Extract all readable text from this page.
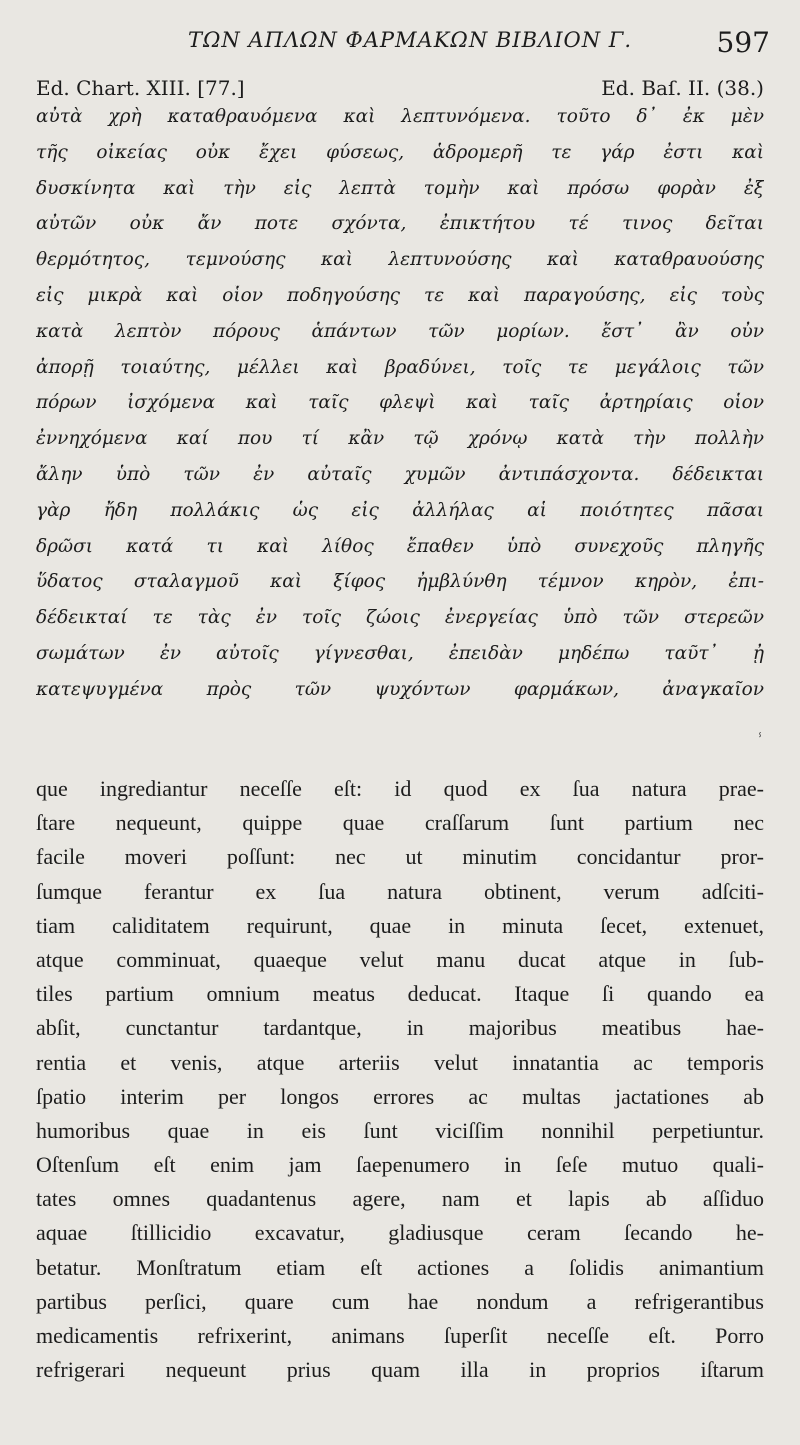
ΤΩΝ ΑΠΛΩΝ ΦΑΡΜΑΚΩΝ ΒΙΒΛΙΟΝ Γ.	597
Ed. Chart. XIII. [77.]	Ed. Baſ. II. (38.)
αὐτὰ χρὴ καταθραυόμενα καὶ λεπτυνόμενα. τοῦτο δ᾽ ἐκ μὲν
τῆς οἰκείας οὐκ ἔχει φύσεως, ἁδρομερῆ τε γάρ ἐστι καὶ
δυσκίνητα καὶ τὴν εἰς λεπτὰ τομὴν καὶ πρόσω φορὰν ἐξ
αὐτῶν οὐκ ἄν ποτε σχόντα, ἐπικτήτου τέ τινος δεῖται
θερμότητος, τεμνούσης καὶ λεπτυνούσης καὶ καταθραυούσης
εἰς μικρὰ καὶ οἷον ποδηγούσης τε καὶ παραγούσης, εἰς τοὺς
κατὰ λεπτὸν πόρους ἁπάντων τῶν μορίων. ἔστ᾽ ἂν οὖν
ἀπορῇ τοιαύτης, μέλλει καὶ βραδύνει, τοῖς τε μεγάλοις τῶν
πόρων ἰσχόμενα καὶ ταῖς φλεψὶ καὶ ταῖς ἀρτηρίαις οἷον
ἐννηχόμενα καί που τί κἂν τῷ χρόνῳ κατὰ τὴν πολλὴν
ἄλην ὑπὸ τῶν ἐν αὐταῖς χυμῶν ἀντιπάσχοντα. δέδεικται
γὰρ ἤδη πολλάκις ὡς εἰς ἀλλήλας αἱ ποιότητες πᾶσαι
δρῶσι κατά τι καὶ λίθος ἔπαθεν ὑπὸ συνεχοῦς πληγῆς
ὕδατος σταλαγμοῦ καὶ ξίφος ἠμβλύνθη τέμνον κηρὸν, ἐπι-
δέδεικταί τε τὰς ἐν τοῖς ζώοις ἐνεργείας ὑπὸ τῶν στερεῶν
σωμάτων ἐν αὐτοῖς γίγνεσθαι, ἐπειδὰν μηδέπω ταῦτ᾽ ᾖ
κατεψυγμένα πρὸς τῶν ψυχόντων φαρμάκων, ἀναγκαῖον
ⸯ
que ingrediantur neceſſe eſt: id quod ex ſua natura prae-
ſtare nequeunt, quippe quae craſſarum ſunt partium nec
facile moveri poſſunt: nec ut minutim concidantur pror-
ſumque ferantur ex ſua natura obtinent, verum adſciti-
tiam caliditatem requirunt, quae in minuta ſecet, extenuet,
atque comminuat, quaeque velut manu ducat atque in ſub-
tiles partium omnium meatus deducat. Itaque ſi quando ea
abſit, cunctantur tardantque, in majoribus meatibus hae-
rentia et venis, atque arteriis velut innatantia ac temporis
ſpatio interim per longos errores ac multas jactationes ab
humoribus quae in eis ſunt viciſſim nonnihil perpetiuntur.
Oſtenſum eſt enim jam ſaepenumero in ſeſe mutuo quali-
tates omnes quadantenus agere, nam et lapis ab aſſiduo
aquae ſtillicidio excavatur, gladiusque ceram ſecando he-
betatur. Monſtratum etiam eſt actiones a ſolidis animantium
partibus perſici, quare cum hae nondum a refrigerantibus
medicamentis refrixerint, animans ſuperſit neceſſe eſt. Porro
refrigerari nequeunt prius quam illa in proprios iſtarum
